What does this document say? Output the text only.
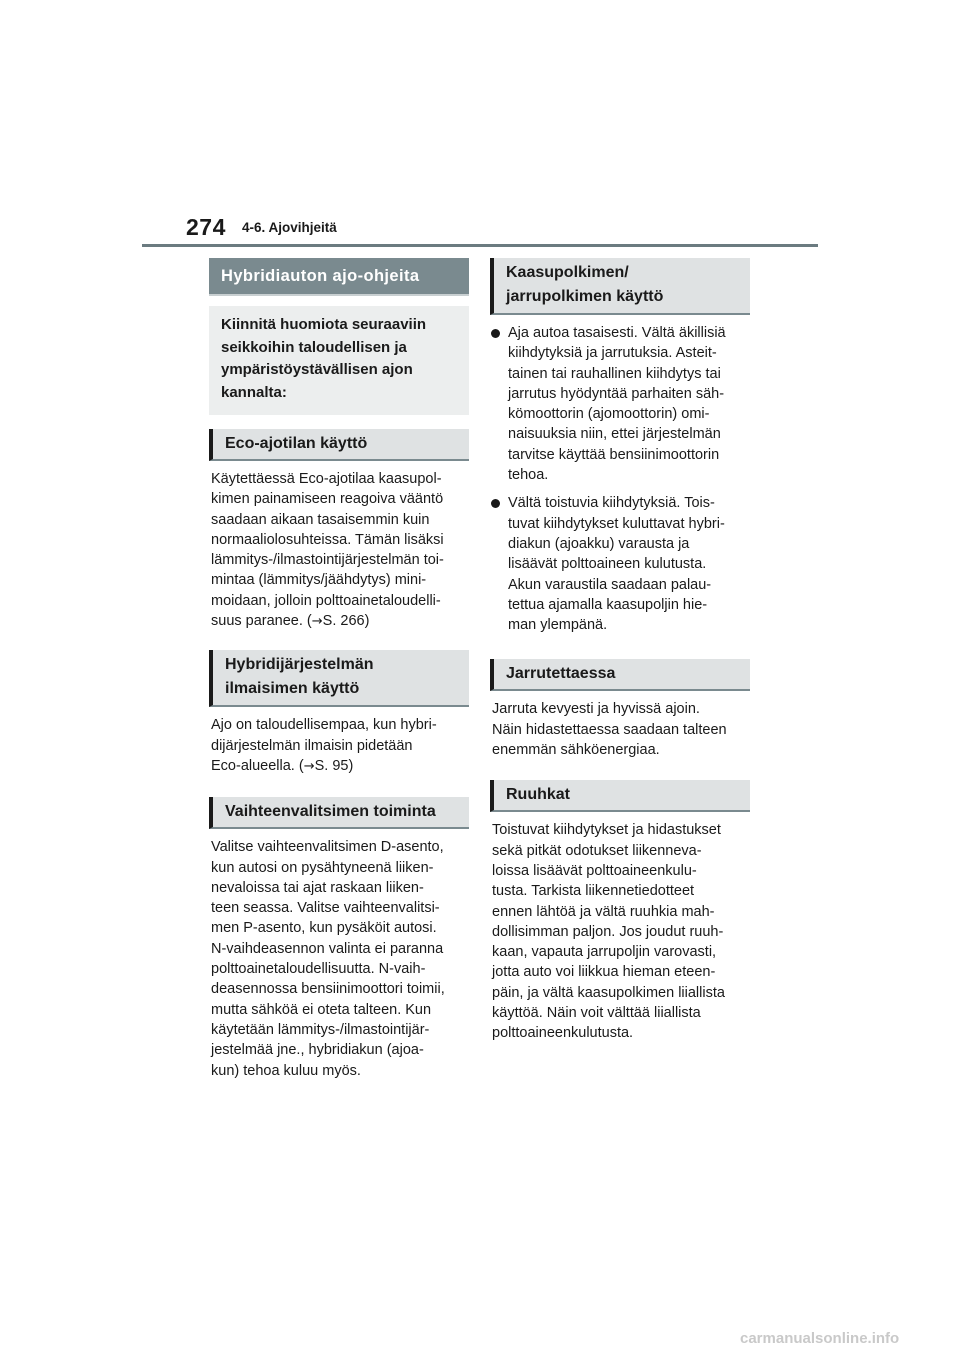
274 4-6. Ajovihjeitä
Hybridiauton ajo-ohjeita
Kiinnitä huomiota seuraaviin seikkoihin taloudellisen ja ympäristöystävällisen ajon kannalta:
Eco-ajotilan käyttö

Käytettäessä Eco-ajotilaa kaasupol-
kimen painamiseen reagoiva vääntö
saadaan aikaan tasaisemmin kuin
normaaliolosuhteissa. Tämän lisäksi
lämmitys-/ilmastointijärjestelmän toi-
mintaa (lämmitys/jäähdytys) mini-
moidaan, jolloin polttoainetaloudelli-
suus paranee. (→S. 266)

Hybridijärjestelmän
ilmaisimen käyttö

Ajo on taloudellisempaa, kun hybri-
dijärjestelmän ilmaisin pidetään
Eco-alueella. (→S. 95)

Vaihteenvalitsimen toiminta

Valitse vaihteenvalitsimen D-asento,
kun autosi on pysähtyneenä liiken-
nevaloissa tai ajat raskaan liiken-
teen seassa. Valitse vaihteenvalitsi-
men P-asento, kun pysäköit autosi.
N-vaihdeasennon valinta ei paranna
polttoainetaloudellisuutta. N-vaih-
deasennossa bensiinimoottori toimii,
mutta sähköä ei oteta talteen. Kun
käytetään lämmitys-/ilmastointijär-
jestelmää jne., hybridiakun (ajoa-
kun) tehoa kuluu myös.

Kaasupolkimen/
jarrupolkimen käyttö
Aja autoa tasaisesti. Vältä äkillisiä
kiihdytyksiä ja jarrutuksia. Asteit-
tainen tai rauhallinen kiihdytys tai
jarrutus hyödyntää parhaiten säh-
kömoottorin (ajomoottorin) omi-
naisuuksia niin, ettei järjestelmän
tarvitse käyttää bensiinimoottorin
tehoa.
Vältä toistuvia kiihdytyksiä. Tois-
tuvat kiihdytykset kuluttavat hybri-
diakun (ajoakku) varausta ja
lisäävät polttoaineen kulutusta.
Akun varaustila saadaan palau-
tettua ajamalla kaasupoljin hie-
man ylempänä.
Jarrutettaessa

Jarruta kevyesti ja hyvissä ajoin.
Näin hidastettaessa saadaan talteen
enemmän sähköenergiaa.

Ruuhkat

Toistuvat kiihdytykset ja hidastukset
sekä pitkät odotukset liikenneva-
loissa lisäävät polttoaineenkulu-
tusta. Tarkista liikennetiedotteet
ennen lähtöä ja vältä ruuhkia mah-
dollisimman paljon. Jos joudut ruuh-
kaan, vapauta jarrupoljin varovasti,
jotta auto voi liikkua hieman eteen-
päin, ja vältä kaasupolkimen liiallista
käyttöä. Näin voit välttää liiallista
polttoaineenkulutusta.

carmanualsonline.info
